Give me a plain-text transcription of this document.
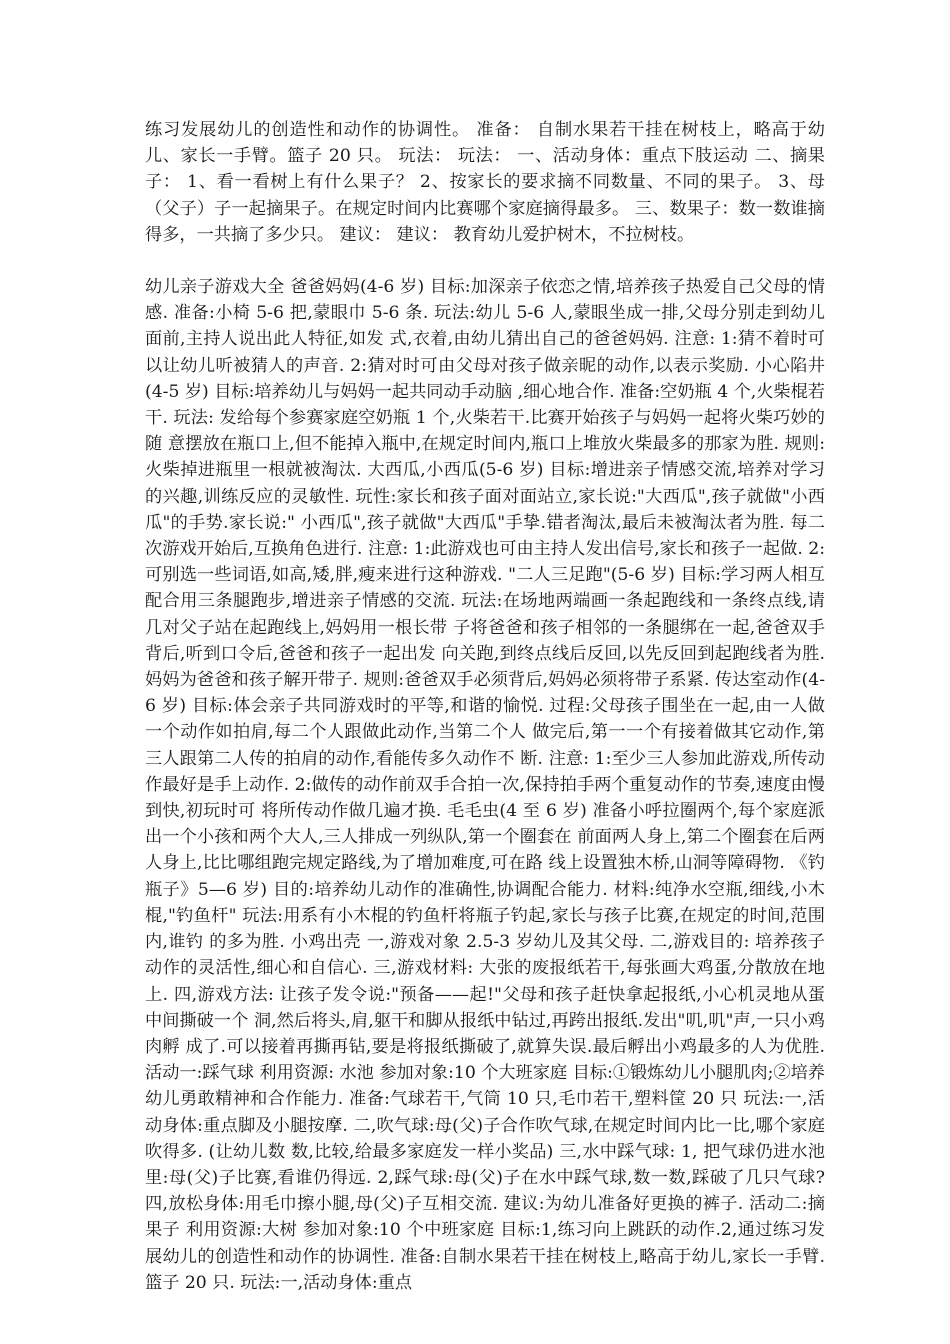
练习发展幼儿的创造性和动作的协调性。 准备： 自制水果若干挂在树枝上，略高于幼儿、家长一手臂。篮子 20 只。 玩法： 玩法： 一、活动身体：重点下肢运动 二、摘果子： 1、看一看树上有什么果子？ 2、按家长的要求摘不同数量、不同的果子。 3、母（父子）子一起摘果子。在规定时间内比赛哪个家庭摘得最多。 三、数果子：数一数谁摘得多，一共摘了多少只。 建议： 建议： 教育幼儿爱护树木，不拉树枝。

幼儿亲子游戏大全 爸爸妈妈(4-6 岁) 目标:加深亲子依恋之情,培养孩子热爱自己父母的情感. 准备:小椅 5-6 把,蒙眼巾 5-6 条. 玩法:幼儿 5-6 人,蒙眼坐成一排,父母分别走到幼儿面前,主持人说出此人特征,如发 式,衣着,由幼儿猜出自己的爸爸妈妈. 注意: 1:猜不着时可以让幼儿听被猜人的声音. 2:猜对时可由父母对孩子做亲昵的动作,以表示奖励. 小心陷井(4-5 岁) 目标:培养幼儿与妈妈一起共同动手动脑 ,细心地合作. 准备:空奶瓶 4 个,火柴棍若干. 玩法: 发给每个参赛家庭空奶瓶 1 个,火柴若干.比赛开始孩子与妈妈一起将火柴巧妙的随 意摆放在瓶口上,但不能掉入瓶中,在规定时间内,瓶口上堆放火柴最多的那家为胜. 规则:火柴掉进瓶里一根就被淘汰. 大西瓜,小西瓜(5-6 岁) 目标:增进亲子情感交流,培养对学习的兴趣,训练反应的灵敏性. 玩性:家长和孩子面对面站立,家长说:"大西瓜",孩子就做"小西瓜"的手势.家长说:" 小西瓜",孩子就做"大西瓜"手挚.错者淘汰,最后未被淘汰者为胜. 每二次游戏开始后,互换角色进行. 注意: 1:此游戏也可由主持人发出信号,家长和孩子一起做. 2:可别选一些词语,如高,矮,胖,瘦来进行这种游戏. "二人三足跑"(5-6 岁) 目标:学习两人相互配合用三条腿跑步,增进亲子情感的交流. 玩法:在场地两端画一条起跑线和一条终点线,请几对父子站在起跑线上,妈妈用一根长带 子将爸爸和孩子相邻的一条腿绑在一起,爸爸双手背后,听到口令后,爸爸和孩子一起出发 向关跑,到终点线后反回,以先反回到起跑线者为胜.妈妈为爸爸和孩子解开带子. 规则:爸爸双手必须背后,妈妈必须将带子系紧. 传达室动作(4-6 岁) 目标:体会亲子共同游戏时的平等,和谐的愉悦. 过程:父母孩子围坐在一起,由一人做一个动作如拍肩,每二个人跟做此动作,当第二个人 做完后,第一一个有接着做其它动作,第三人跟第二人传的拍肩的动作,看能传多久动作不 断. 注意: 1:至少三人参加此游戏,所传动作最好是手上动作. 2:做传的动作前双手合拍一次,保持拍手两个重复动作的节奏,速度由慢到快,初玩时可 将所传动作做几遍才换. 毛毛虫(4 至 6 岁) 准备小呼拉圈两个,每个家庭派出一个小孩和两个大人,三人排成一列纵队,第一个圈套在 前面两人身上,第二个圈套在后两人身上,比比哪组跑完规定路线,为了增加难度,可在路 线上设置独木桥,山洞等障碍物. 《钓瓶子》5—6 岁) 目的:培养幼儿动作的准确性,协调配合能力. 材料:纯净水空瓶,细线,小木棍,"钓鱼杆" 玩法:用系有小木棍的钓鱼杆将瓶子钓起,家长与孩子比赛,在规定的时间,范围内,谁钓 的多为胜. 小鸡出壳 一,游戏对象 2.5-3 岁幼儿及其父母. 二,游戏目的: 培养孩子动作的灵活性,细心和自信心. 三,游戏材料: 大张的废报纸若干,每张画大鸡蛋,分散放在地上. 四,游戏方法: 让孩子发令说:"预备——起!"父母和孩子赶快拿起报纸,小心机灵地从蛋中间撕破一个 洞,然后将头,肩,躯干和脚从报纸中钻过,再跨出报纸.发出"叽,叽"声,一只小鸡肉孵 成了.可以接着再撕再钻,要是将报纸撕破了,就算失误.最后孵出小鸡最多的人为优胜. 活动一:踩气球 利用资源: 水池 参加对象:10 个大班家庭 目标:①锻炼幼儿小腿肌肉;②培养幼儿勇敢精神和合作能力. 准备:气球若干,气筒 10 只,毛巾若干,塑料筐 20 只 玩法:一,活动身体:重点脚及小腿按摩. 二,吹气球:母(父)子合作吹气球,在规定时间内比一比,哪个家庭吹得多. (让幼儿数 数,比较,给最多家庭发一样小奖品) 三,水中踩气球: 1, 把气球仍进水池里:母(父)子比赛,看谁仍得远. 2,踩气球:母(父)子在水中踩气球,数一数,踩破了几只气球? 四,放松身体:用毛巾擦小腿,母(父)子互相交流. 建议:为幼儿准备好更换的裤子. 活动二:摘果子 利用资源:大树 参加对象:10 个中班家庭 目标:1,练习向上跳跃的动作.2,通过练习发展幼儿的创造性和动作的协调性. 准备:自制水果若干挂在树枝上,略高于幼儿,家长一手臂.篮子 20 只. 玩法:一,活动身体:重点
